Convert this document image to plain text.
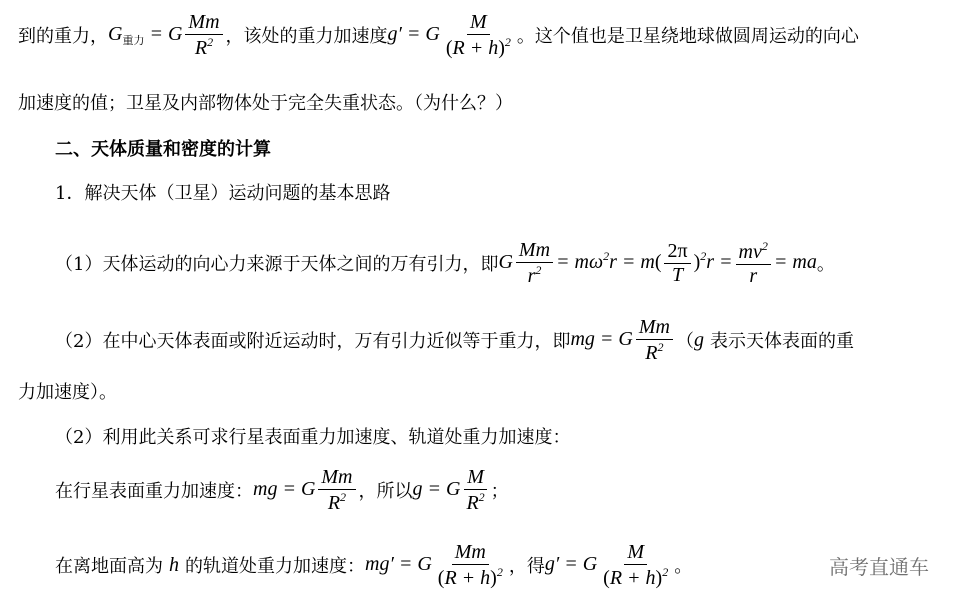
到的重力， $G_{重力} = G \frac{Mm}{R^2}$ ，该处的重力加速度 g′ = G $\frac{M}{(R + h)^2}$ 。这个值也是卫星绕地球做圆周运动的向心
加速度的值；卫星及内部物体处于完全失重状态。（为什么？）
二、天体质量和密度的计算
1．解决天体（卫星）运动问题的基本思路
（1）天体运动的向心力来源于天体之间的万有引力，即 G $\frac{Mm}{r^2} = m\omega^2r = m( \frac{2\pi}{T} )^2r = \frac{mv^2}{r}$ = ma 。
（2）在中心天体表面或附近运动时，万有引力近似等于重力，即 mg = G $\frac{Mm}{R^2}$ （ g 表示天体表面的重
力加速度）。
（2）利用此关系可求行星表面重力加速度、轨道处重力加速度：
在行星表面重力加速度： mg = G $\frac{Mm}{R^2}$ ，所以 g = G $\frac{M}{R^2}$ ；
在离地面高为 h 的轨道处重力加速度： mg′ = G $\frac{Mm}{(R + h)^2}$ ，得 g′ = G $\frac{M}{(R + h)^2}$ 。	高考直通车
